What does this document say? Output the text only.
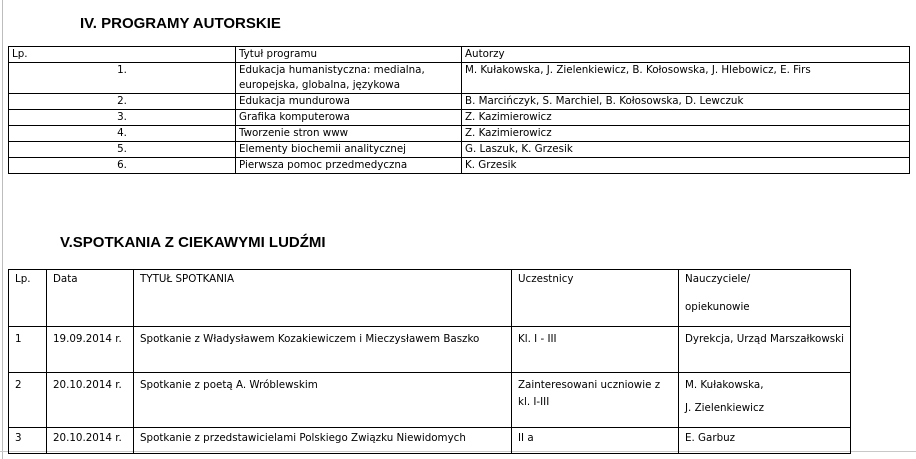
IV. PROGRAMY AUTORSKIE
Lp.	Tytuł programu	Autorzy
1.	Edukacja humanistyczna: medialna, europejska, globalna, językowa	M. Kułakowska, J. Zielenkiewicz, B. Kołosowska, J. Hlebowicz, E. Firs
2.	Edukacja mundurowa	B. Marcińczyk, S. Marchiel, B. Kołosowska, D. Lewczuk
3.	Grafika komputerowa	Z. Kazimierowicz
4.	Tworzenie stron www	Z. Kazimierowicz
5.	Elementy biochemii analitycznej	G. Laszuk, K. Grzesik
6.	Pierwsza pomoc przedmedyczna	K. Grzesik
V.SPOTKANIA Z CIEKAWYMI LUDŹMI
Lp.	Data	TYTUŁ SPOTKANIA	Uczestnicy	Nauczyciele/
opiekunowie

1	19.09.2014 r.	Spotkanie z Władysławem Kozakiewiczem i Mieczysławem Baszko	Kl. I - III	Dyrekcja, Urząd Marszałkowski
2	20.10.2014 r.	Spotkanie z poetą A. Wróblewskim	Zainteresowani uczniowie z kl. I-III	M. Kułakowska,
J. Zielenkiewicz

3	20.10.2014 r.	Spotkanie z przedstawicielami Polskiego Związku Niewidomych	II a	E. Garbuz
